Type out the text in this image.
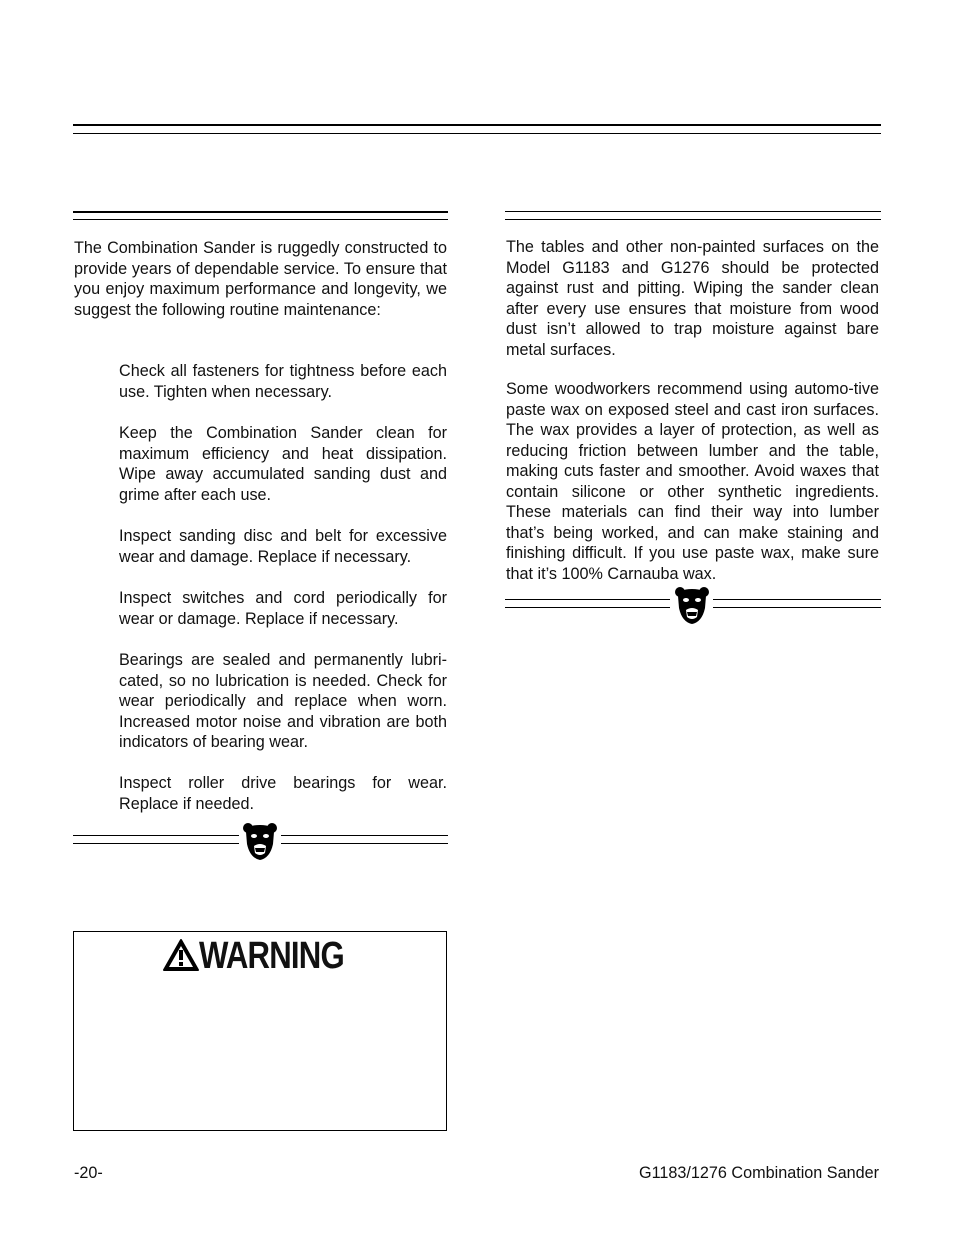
The Combination Sander is ruggedly constructed to provide years of dependable service. To ensure that you enjoy maximum performance and longevity, we suggest the following routine maintenance:

Check all fasteners for tightness before each use. Tighten when necessary.

Keep the Combination Sander clean for maximum efficiency and heat dissipation. Wipe away accumulated sanding dust and grime after each use.

Inspect sanding disc and belt for excessive wear and damage. Replace if necessary.

Inspect switches and cord periodically for wear or damage. Replace if necessary.

Bearings are sealed and permanently lubri-cated, so no lubrication is needed. Check for wear periodically and replace when worn. Increased motor noise and vibration are both indicators of bearing wear.

Inspect roller drive bearings for wear. Replace if needed.

WARNING

The tables and other non-painted surfaces on the Model G1183 and G1276 should be protected against rust and pitting. Wiping the sander clean after every use ensures that moisture from wood dust isn’t allowed to trap moisture against bare metal surfaces.

Some woodworkers recommend using automo-tive paste wax on exposed steel and cast iron surfaces. The wax provides a layer of protection, as well as reducing friction between lumber and the table, making cuts faster and smoother. Avoid waxes that contain silicone or other synthetic ingredients. These materials can find their way into lumber that’s being worked, and can make staining and finishing difficult. If you use paste wax, make sure that it’s 100% Carnauba wax.

-20-	G1183/1276 Combination Sander
